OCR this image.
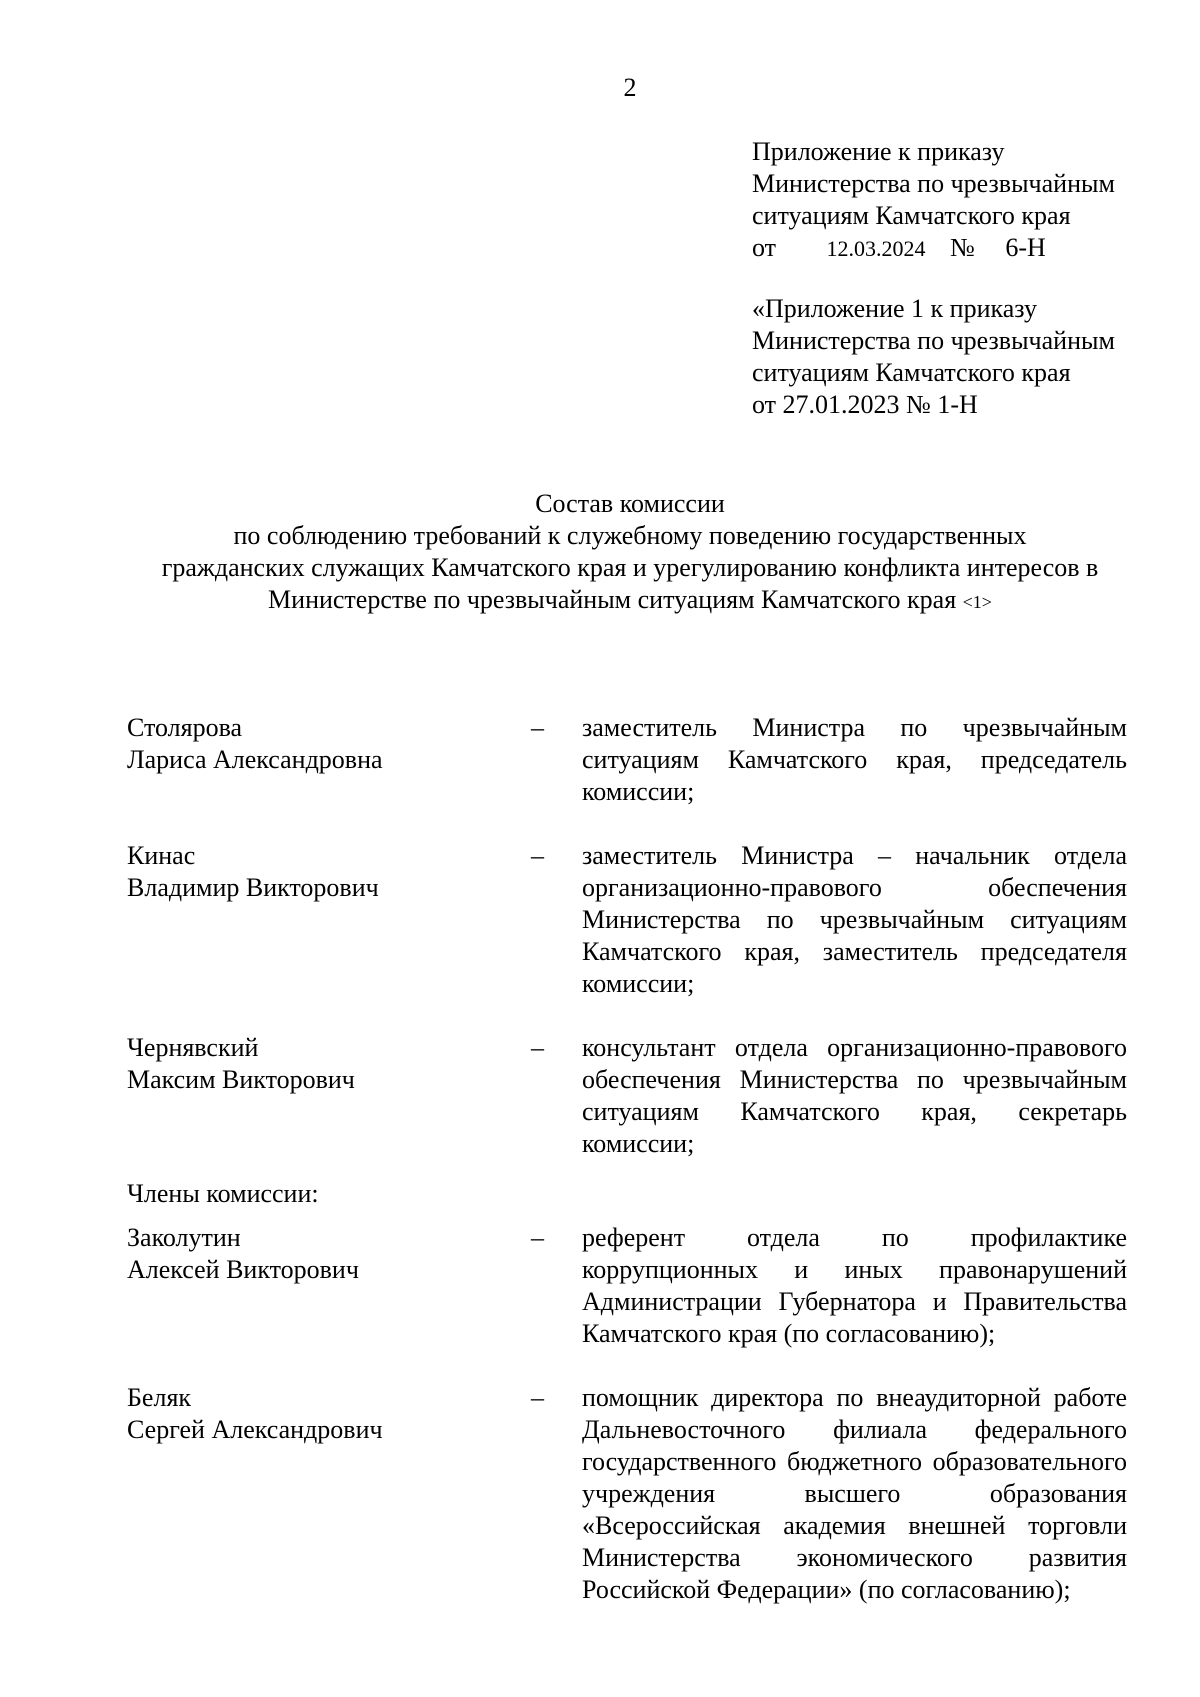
2

Приложение к приказу

Министерства по чрезвычайным

ситуациям Камчатского края

от 12.03.2024 № 6-Н

«Приложение 1 к приказу

Министерства по чрезвычайным

ситуациям Камчатского края

от 27.01.2023 № 1-Н

Состав комиссии

по соблюдению требований к служебному поведению государственных

гражданских служащих Камчатского края и урегулированию конфликта интересов в

Министерстве по чрезвычайным ситуациям Камчатского края <1>

Столярова
Лариса Александровна
–	заместитель Министра по чрезвычайным ситуациям Камчатского края, председатель комиссии;
Кинас
Владимир Викторович
–	заместитель Министра – начальник отдела организационно-правового обеспечения Министерства по чрезвычайным ситуациям Камчатского края, заместитель председателя комиссии;
Чернявский
Максим Викторович
–	консультант отдела организационно-правового обеспечения Министерства по чрезвычайным ситуациям Камчатского края, секретарь комиссии;

Члены комиссии:

Заколутин
Алексей Викторович
–	референт отдела по профилактике коррупционных и иных правонарушений Администрации Губернатора и Правительства Камчатского края (по согласованию);
Беляк
Сергей Александрович
–	помощник директора по внеаудиторной работе Дальневосточного филиала федерального государственного бюджетного образовательного учреждения высшего образования «Всероссийская академия внешней торговли Министерства экономического развития Российской Федерации» (по согласованию);
